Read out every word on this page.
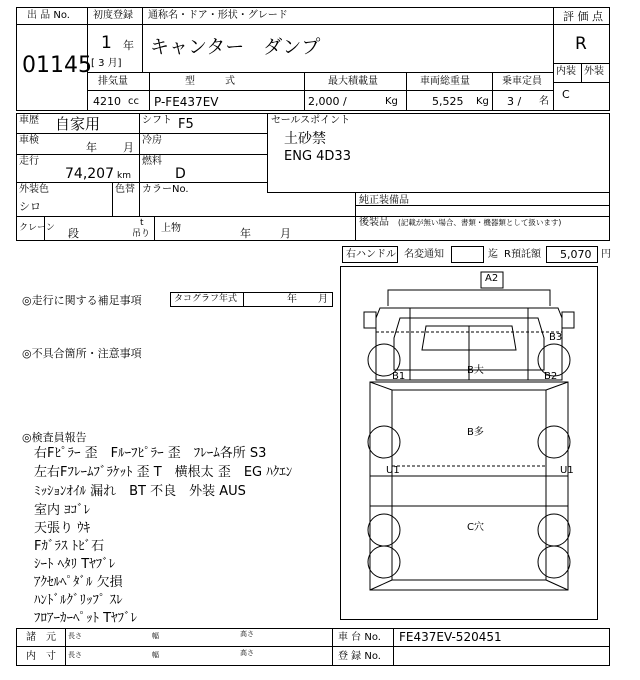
出 品 No.
01145
初度登録
1 年
[ 3 月]
通称名・ドア・形状・グレード
キャンター　ダンプ
評 価 点
R
内装 外装
C
排気量
4210 cc
型　　　式
P-FE437EV
最大積載量
2,000 /	Kg
車両総重量
5,525 Kg
乗車定員
3 / 名
車歴 自家用	シフト F5
車検
年 月
冷房
走行
74,207 km
燃料
D
外装色
シロ
色替 カラーNo.
セールスポイント
土砂禁
ENG 4D33
純正装備品
後装品 (記載が無い場合、書類・機器類として扱います)
クレーン 段
t
吊り 上物	年	月
右ハンドル 名変通知	迄 R預託額 5,070 円
◎走行に関する補足事項	タコグラフ年式	年 月
◎不具合箇所・注意事項
◎検査員報告
右Fﾋﾟﾗｰ 歪　Fﾙｰﾌﾋﾟﾗｰ 歪　ﾌﾚｰﾑ各所 S3
左右Fﾌﾚｰﾑﾌﾞﾗｹｯﾄ 歪 T　横根太 歪　EG ﾊｸｴﾝ
ﾐｯｼｮﾝｵｲﾙ 漏れ　BT 不良　外装 AUS
室内 ﾖｺﾞﾚ
天張り ｳｷ
Fｶﾞﾗｽ ﾄﾋﾞ石
ｼｰﾄ ﾍﾀﾘ Tﾔﾌﾞﾚ
ｱｸｾﾙﾍﾟﾀﾞﾙ 欠損
ﾊﾝﾄﾞﾙｸﾞﾘｯﾌﾟ ｽﾚ
ﾌﾛｱｰｶｰﾍﾟｯﾄ Tﾔﾌﾞﾚ
A2
B3
B1	B2
B大
B多
U1	U1
C穴
諸　元
内　寸
長さ	幅	高さ
長さ	幅	高さ
車 台 No. FE437EV-520451
登 録 No.
